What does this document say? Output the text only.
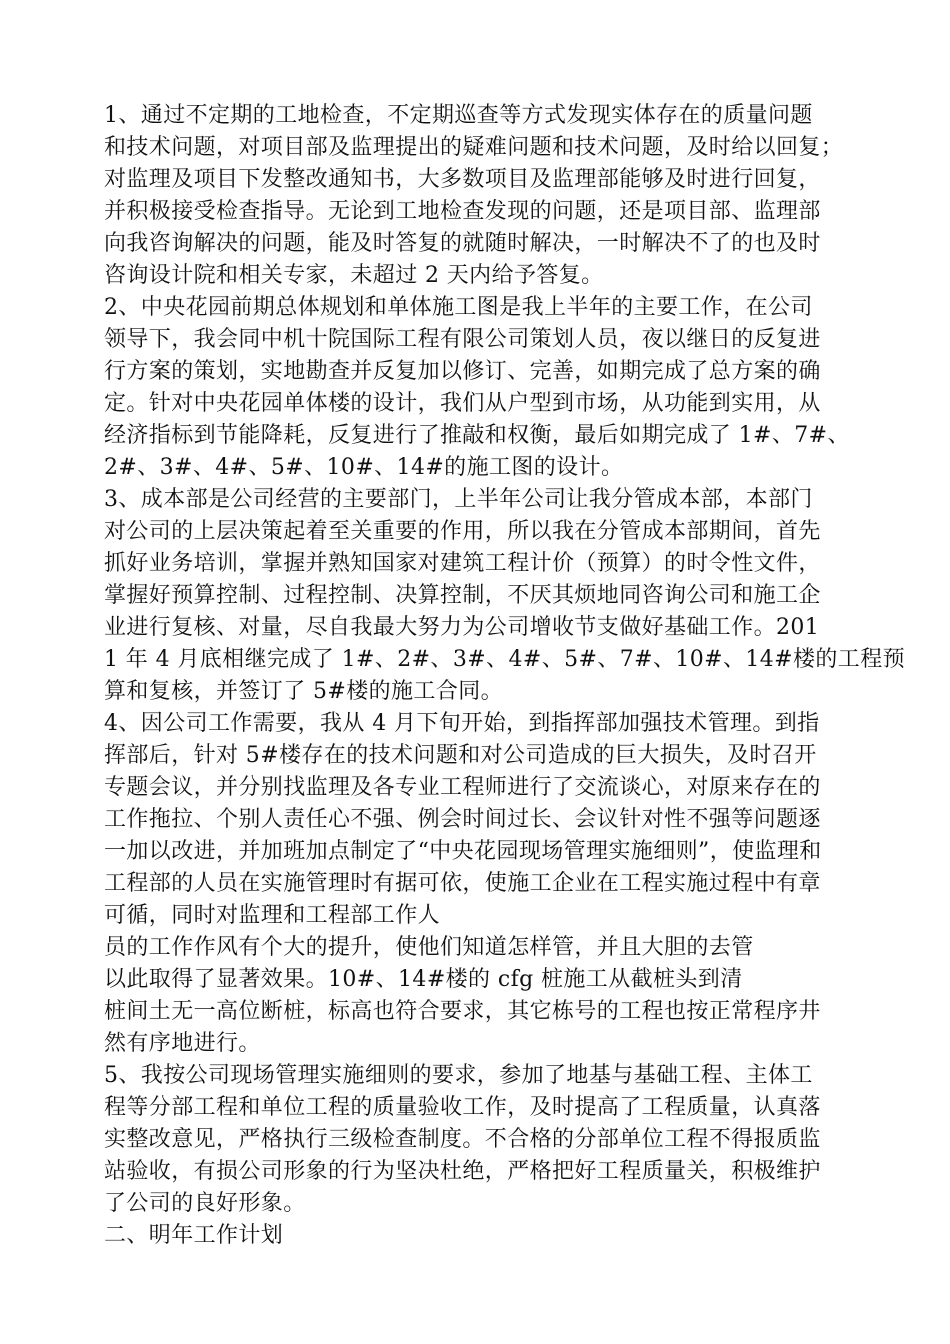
1、通过不定期的工地检查，不定期巡查等方式发现实体存在的质量问题
和技术问题，对项目部及监理提出的疑难问题和技术问题，及时给以回复；
对监理及项目下发整改通知书，大多数项目及监理部能够及时进行回复，
并积极接受检查指导。无论到工地检查发现的问题，还是项目部、监理部
向我咨询解决的问题，能及时答复的就随时解决，一时解决不了的也及时
咨询设计院和相关专家，未超过 2 天内给予答复。
2、中央花园前期总体规划和单体施工图是我上半年的主要工作，在公司
领导下，我会同中机十院国际工程有限公司策划人员，夜以继日的反复进
行方案的策划，实地勘查并反复加以修订、完善，如期完成了总方案的确
定。针对中央花园单体楼的设计，我们从户型到市场，从功能到实用，从
经济指标到节能降耗，反复进行了推敲和权衡，最后如期完成了 1#、7#、
2#、3#、4#、5#、10#、14#的施工图的设计。
3、成本部是公司经营的主要部门，上半年公司让我分管成本部，本部门
对公司的上层决策起着至关重要的作用，所以我在分管成本部期间，首先
抓好业务培训，掌握并熟知国家对建筑工程计价（预算）的时令性文件，
掌握好预算控制、过程控制、决算控制，不厌其烦地同咨询公司和施工企
业进行复核、对量，尽自我最大努力为公司增收节支做好基础工作。201
1 年 4 月底相继完成了 1#、2#、3#、4#、5#、7#、10#、14#楼的工程预
算和复核，并签订了 5#楼的施工合同。
4、因公司工作需要，我从 4 月下旬开始，到指挥部加强技术管理。到指
挥部后，针对 5#楼存在的技术问题和对公司造成的巨大损失，及时召开
专题会议，并分别找监理及各专业工程师进行了交流谈心，对原来存在的
工作拖拉、个别人责任心不强、例会时间过长、会议针对性不强等问题逐
一加以改进，并加班加点制定了“中央花园现场管理实施细则”，使监理和
工程部的人员在实施管理时有据可依，使施工企业在工程实施过程中有章
可循，同时对监理和工程部工作人
员的工作作风有个大的提升，使他们知道怎样管，并且大胆的去管
以此取得了显著效果。10#、14#楼的 cfg 桩施工从截桩头到清
桩间土无一高位断桩，标高也符合要求，其它栋号的工程也按正常程序井
然有序地进行。
5、我按公司现场管理实施细则的要求，参加了地基与基础工程、主体工
程等分部工程和单位工程的质量验收工作，及时提高了工程质量，认真落
实整改意见，严格执行三级检查制度。不合格的分部单位工程不得报质监
站验收，有损公司形象的行为坚决杜绝，严格把好工程质量关，积极维护
了公司的良好形象。
二、明年工作计划
